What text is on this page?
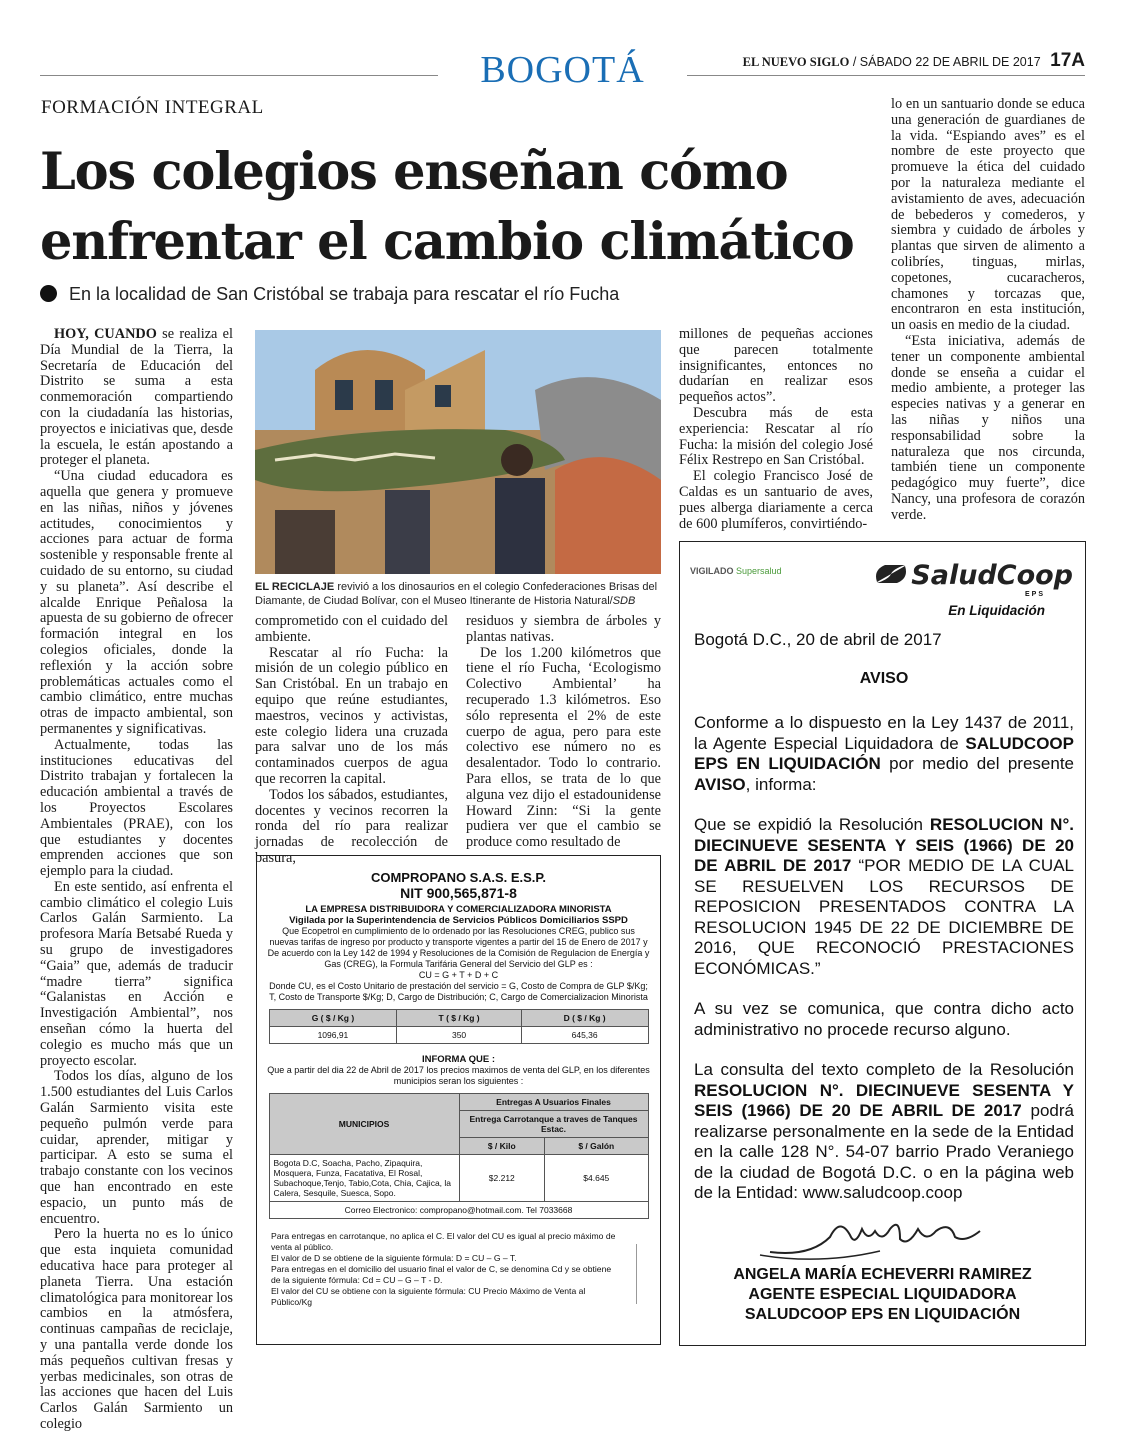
BOGOTÁ	EL NUEVO SIGLO / SÁBADO 22 DE ABRIL DE 2017 17A
FORMACIÓN INTEGRAL
Los colegios enseñan cómo enfrentar el cambio climático
En la localidad de San Cristóbal se trabaja para rescatar el río Fucha

HOY, CUANDO se realiza el Día Mundial de la Tierra, la Secretaría de Educación del Distrito se suma a esta conmemoración compartiendo con la ciudadanía las historias, proyectos e iniciativas que, desde la escuela, le están apostando a proteger el planeta.

“Una ciudad educadora es aquella que genera y promueve en las niñas, niños y jóvenes actitudes, conocimientos y acciones para actuar de forma sostenible y responsable frente al cuidado de su entorno, su ciudad y su planeta”. Así describe el alcalde Enrique Peñalosa la apuesta de su gobierno de ofrecer formación integral en los colegios oficiales, donde la reflexión y la acción sobre problemáticas actuales como el cambio climático, entre muchas otras de impacto ambiental, son permanentes y significativas.

Actualmente, todas las instituciones educativas del Distrito trabajan y fortalecen la educación ambiental a través de los Proyectos Escolares Ambientales (PRAE), con los que estudiantes y docentes emprenden acciones que son ejemplo para la ciudad.

En este sentido, así enfrenta el cambio climático el colegio Luis Carlos Galán Sarmiento. La profesora María Betsabé Rueda y su grupo de investigadores “Gaia” que, además de traducir “madre tierra” significa “Galanistas en Acción e Investigación Ambiental”, nos enseñan cómo la huerta del colegio es mucho más que un proyecto escolar.

Todos los días, alguno de los 1.500 estudiantes del Luis Carlos Galán Sarmiento visita este pequeño pulmón verde para cuidar, aprender, mitigar y participar. A esto se suma el trabajo constante con los vecinos que han encontrado en este espacio, un punto más de encuentro.

Pero la huerta no es lo único que esta inquieta comunidad educativa hace para proteger al planeta Tierra. Una estación climatológica para monitorear los cambios en la atmósfera, continuas campañas de reciclaje, y una pantalla verde donde los más pequeños cultivan fresas y yerbas medicinales, son otras de las acciones que hacen del Luis Carlos Galán Sarmiento un colegio

EL RECICLAJE revivió a los dinosaurios en el colegio Confederaciones Brisas del Diamante, de Ciudad Bolívar, con el Museo Itinerante de Historia Natural/SDB

comprometido con el cuidado del ambiente.

Rescatar al río Fucha: la misión de un colegio público en San Cristóbal. En un trabajo en equipo que reúne estudiantes, maestros, vecinos y activistas, este colegio lidera una cruzada para salvar uno de los más contaminados cuerpos de agua que recorren la capital.

Todos los sábados, estudiantes, docentes y vecinos recorren la ronda del río para realizar jornadas de recolección de basura,

residuos y siembra de árboles y plantas nativas.

De los 1.200 kilómetros que tiene el río Fucha, ‘Ecologismo Colectivo Ambiental’ ha recuperado 1.3 kilómetros. Eso sólo representa el 2% de este cuerpo de agua, pero para este colectivo ese número no es desalentador. Todo lo contrario. Para ellos, se trata de lo que alguna vez dijo el estadounidense Howard Zinn: “Si la gente pudiera ver que el cambio se produce como resultado de

millones de pequeñas acciones que parecen totalmente insignificantes, entonces no dudarían en realizar esos pequeños actos”.

Descubra más de esta experiencia: Rescatar al río Fucha: la misión del colegio José Félix Restrepo en San Cristóbal.

El colegio Francisco José de Caldas es un santuario de aves, pues alberga diariamente a cerca de 600 plumíferos, convirtiéndo-

lo en un santuario donde se educa una generación de guardianes de la vida. “Espiando aves” es el nombre de este proyecto que promueve la ética del cuidado por la naturaleza mediante el avistamiento de aves, adecuación de bebederos y comederos, y siembra y cuidado de árboles y plantas que sirven de alimento a colibríes, tinguas, mirlas, copetones, cucaracheros, chamones y torcazas que, encontraron en esta institución, un oasis en medio de la ciudad.

“Esta iniciativa, además de tener un componente ambiental donde se enseña a cuidar el medio ambiente, a proteger las especies nativas y a generar en las niñas y niños una responsabilidad sobre la naturaleza que nos circunda, también tiene un componente pedagógico muy fuerte”, dice Nancy, una profesora de corazón verde.

COMPROPANO S.A.S. E.S.P.
NIT 900,565,871-8
LA EMPRESA DISTRIBUIDORA Y COMERCIALIZADORA MINORISTA
Vigilada por la Superintendencia de Servicios Públicos Domiciliarios SSPD
Que Ecopetrol en cumplimiento de lo ordenado por las Resoluciones CREG, publico sus nuevas tarifas de ingreso por producto y transporte vigentes a partir del 15 de Enero de 2017 y De acuerdo con la Ley 142 de 1994 y Resoluciones de la Comisión de Regulacion de Energía y Gas (CREG), la Formula Tarifária General del Servicio del GLP es :
CU = G + T + D + C
Donde CU, es el Costo Unitario de prestación del servicio = G, Costo de Compra de GLP $/Kg; T, Costo de Transporte $/Kg; D, Cargo de Distribución; C, Cargo de Comercializacion Minorista
G ( $ / Kg )	T ( $ / Kg )	D ( $ / Kg )
1096,91	350	645,36
INFORMA QUE :
Que a partir del dia 22 de Abril de 2017 los precios maximos de venta del GLP, en los diferentes municipios seran los siguientes :
MUNICIPIOS	Entregas A Usuarios Finales	
	Entrega Carrotanque a traves de Tanques Estac.	
	$ / Kilo	$ / Galón
Bogota D.C, Soacha, Pacho, Zipaquira, Mosquera, Funza, Facatativa, El Rosal, Subachoque,Tenjo, Tabio,Cota, Chia, Cajica, la Calera, Sesquile, Suesca, Sopo.	$2.212	$4.645
Correo Electronico: compropano@hotmail.com. Tel 7033668		
Para entregas en carrotanque, no aplica el C. El valor del CU es igual al precio máximo de venta al público.
El valor de D se obtiene de la siguiente fórmula: D = CU – G – T.
Para entregas en el domicilio del usuario final el valor de C, se denomina Cd y se obtiene de la siguiente fórmula: Cd = CU – G – T - D.
El valor del CU se obtiene con la siguiente fórmula: CU Precio Máximo de Venta al Público/Kg
VIGILADO Supersalud	SaludCoop
EPS
En Liquidación

Bogotá D.C., 20 de abril de 2017

AVISO

Conforme a lo dispuesto en la Ley 1437 de 2011, la Agente Especial Liquidadora de SALUDCOOP EPS EN LIQUIDACIÓN por medio del presente AVISO, informa:

Que se expidió la Resolución RESOLUCION N°. DIECINUEVE SESENTA Y SEIS (1966) DE 20 DE ABRIL DE 2017 “POR MEDIO DE LA CUAL SE RESUELVEN LOS RECURSOS DE REPOSICION PRESENTADOS CONTRA LA RESOLUCION 1945 DE 22 DE DICIEMBRE DE 2016, QUE RECONOCIÓ PRESTACIONES ECONÓMICAS.”

A su vez se comunica, que contra dicho acto administrativo no procede recurso alguno.

La consulta del texto completo de la Resolución RESOLUCION N°. DIECINUEVE SESENTA Y SEIS (1966) DE 20 DE ABRIL DE 2017 podrá realizarse personalmente en la sede de la Entidad en la calle 128 N°. 54-07 barrio Prado Veraniego de la ciudad de Bogotá D.C. o en la página web de la Entidad: www.saludcoop.coop

ANGELA MARÍA ECHEVERRI RAMIREZ
AGENTE ESPECIAL LIQUIDADORA
SALUDCOOP EPS EN LIQUIDACIÓN
